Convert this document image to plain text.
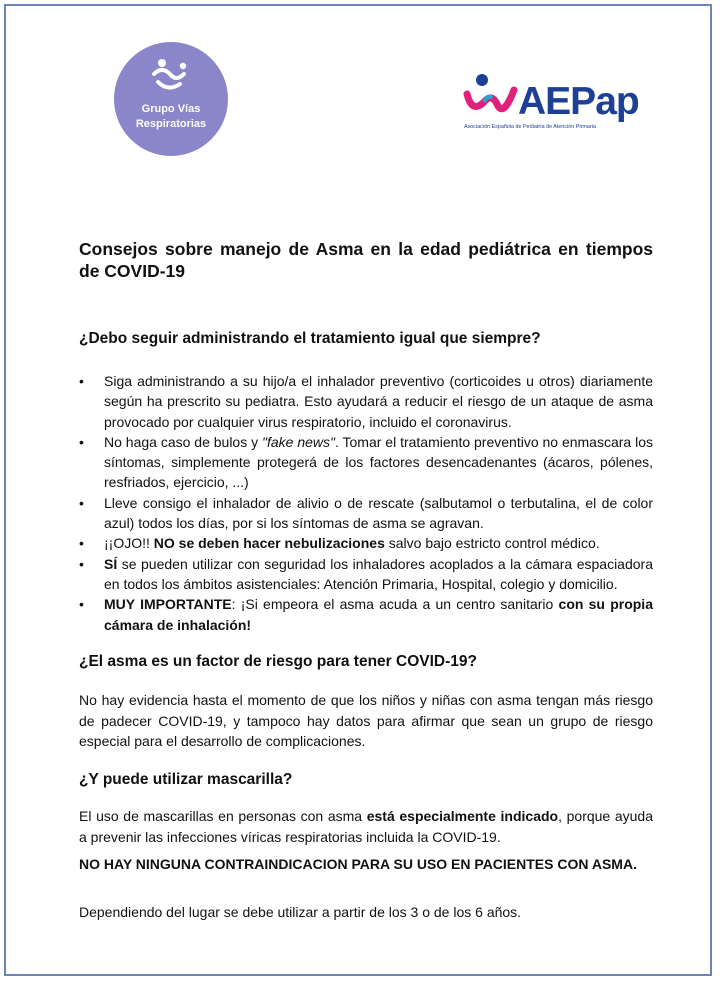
Grupo Vías
Respiratorias
AEPap
Asociación Española de Pediatría de Atención Primaria
Consejos sobre manejo de Asma en la edad pediátrica en tiempos de COVID-19
¿Debo seguir administrando el tratamiento igual que siempre?
• Siga administrando a su hijo/a el inhalador preventivo (corticoides u otros) diariamente según ha prescrito su pediatra. Esto ayudará a reducir el riesgo de un ataque de asma provocado por cualquier virus respiratorio, incluido el coronavirus.
• No haga caso de bulos y "fake news". Tomar el tratamiento preventivo no enmascara los síntomas, simplemente protegerá de los factores desencadenantes (ácaros, pólenes, resfriados, ejercicio, ...)
• Lleve consigo el inhalador de alivio o de rescate (salbutamol o terbutalina, el de color azul) todos los días, por si los síntomas de asma se agravan.
• ¡¡OJO!! NO se deben hacer nebulizaciones salvo bajo estricto control médico.
• SÍ se pueden utilizar con seguridad los inhaladores acoplados a la cámara espaciadora en todos los ámbitos asistenciales: Atención Primaria, Hospital, colegio y domicilio.
• MUY IMPORTANTE: ¡Si empeora el asma acuda a un centro sanitario con su propia cámara de inhalación!
¿El asma es un factor de riesgo para tener COVID-19?

No hay evidencia hasta el momento de que los niños y niñas con asma tengan más riesgo de padecer COVID-19, y tampoco hay datos para afirmar que sean un grupo de riesgo especial para el desarrollo de complicaciones.

¿Y puede utilizar mascarilla?

El uso de mascarillas en personas con asma está especialmente indicado, porque ayuda a prevenir las infecciones víricas respiratorias incluida la COVID-19.

NO HAY NINGUNA CONTRAINDICACION PARA SU USO EN PACIENTES CON ASMA.

Dependiendo del lugar se debe utilizar a partir de los 3 o de los 6 años.
